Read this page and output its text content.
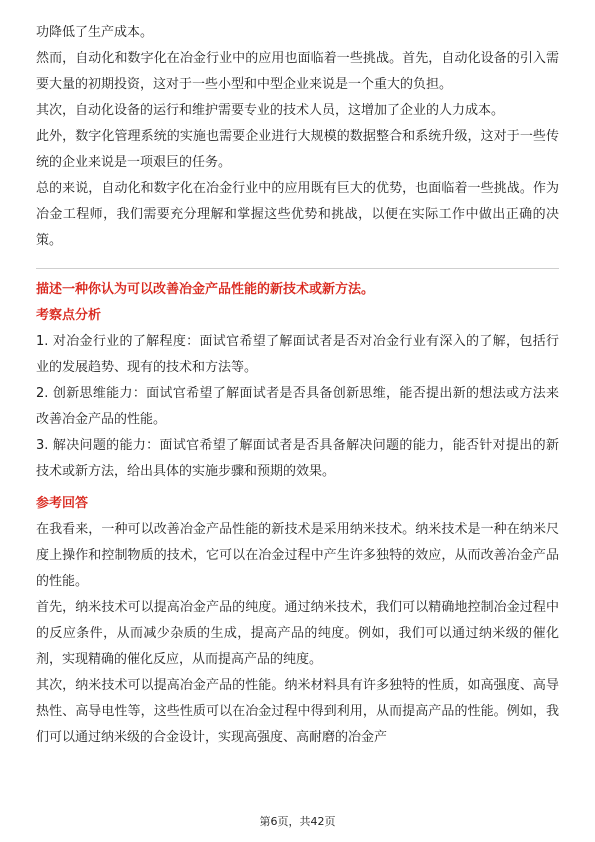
功降低了生产成本。

然而，自动化和数字化在冶金行业中的应用也面临着一些挑战。首先，自动化设备的引入需要大量的初期投资，这对于一些小型和中型企业来说是一个重大的负担。

其次，自动化设备的运行和维护需要专业的技术人员，这增加了企业的人力成本。

此外，数字化管理系统的实施也需要企业进行大规模的数据整合和系统升级，这对于一些传统的企业来说是一项艰巨的任务。

总的来说，自动化和数字化在冶金行业中的应用既有巨大的优势，也面临着一些挑战。作为冶金工程师，我们需要充分理解和掌握这些优势和挑战，以便在实际工作中做出正确的决策。

描述一种你认为可以改善冶金产品性能的新技术或新方法。

考察点分析

1. 对冶金行业的了解程度：面试官希望了解面试者是否对冶金行业有深入的了解，包括行业的发展趋势、现有的技术和方法等。

2. 创新思维能力：面试官希望了解面试者是否具备创新思维，能否提出新的想法或方法来改善冶金产品的性能。

3. 解决问题的能力：面试官希望了解面试者是否具备解决问题的能力，能否针对提出的新技术或新方法，给出具体的实施步骤和预期的效果。

参考回答

在我看来，一种可以改善冶金产品性能的新技术是采用纳米技术。纳米技术是一种在纳米尺度上操作和控制物质的技术，它可以在冶金过程中产生许多独特的效应，从而改善冶金产品的性能。

首先，纳米技术可以提高冶金产品的纯度。通过纳米技术，我们可以精确地控制冶金过程中的反应条件，从而减少杂质的生成，提高产品的纯度。例如，我们可以通过纳米级的催化剂，实现精确的催化反应，从而提高产品的纯度。

其次，纳米技术可以提高冶金产品的性能。纳米材料具有许多独特的性质，如高强度、高导热性、高导电性等，这些性质可以在冶金过程中得到利用，从而提高产品的性能。例如，我们可以通过纳米级的合金设计，实现高强度、高耐磨的冶金产

第6页，共42页
